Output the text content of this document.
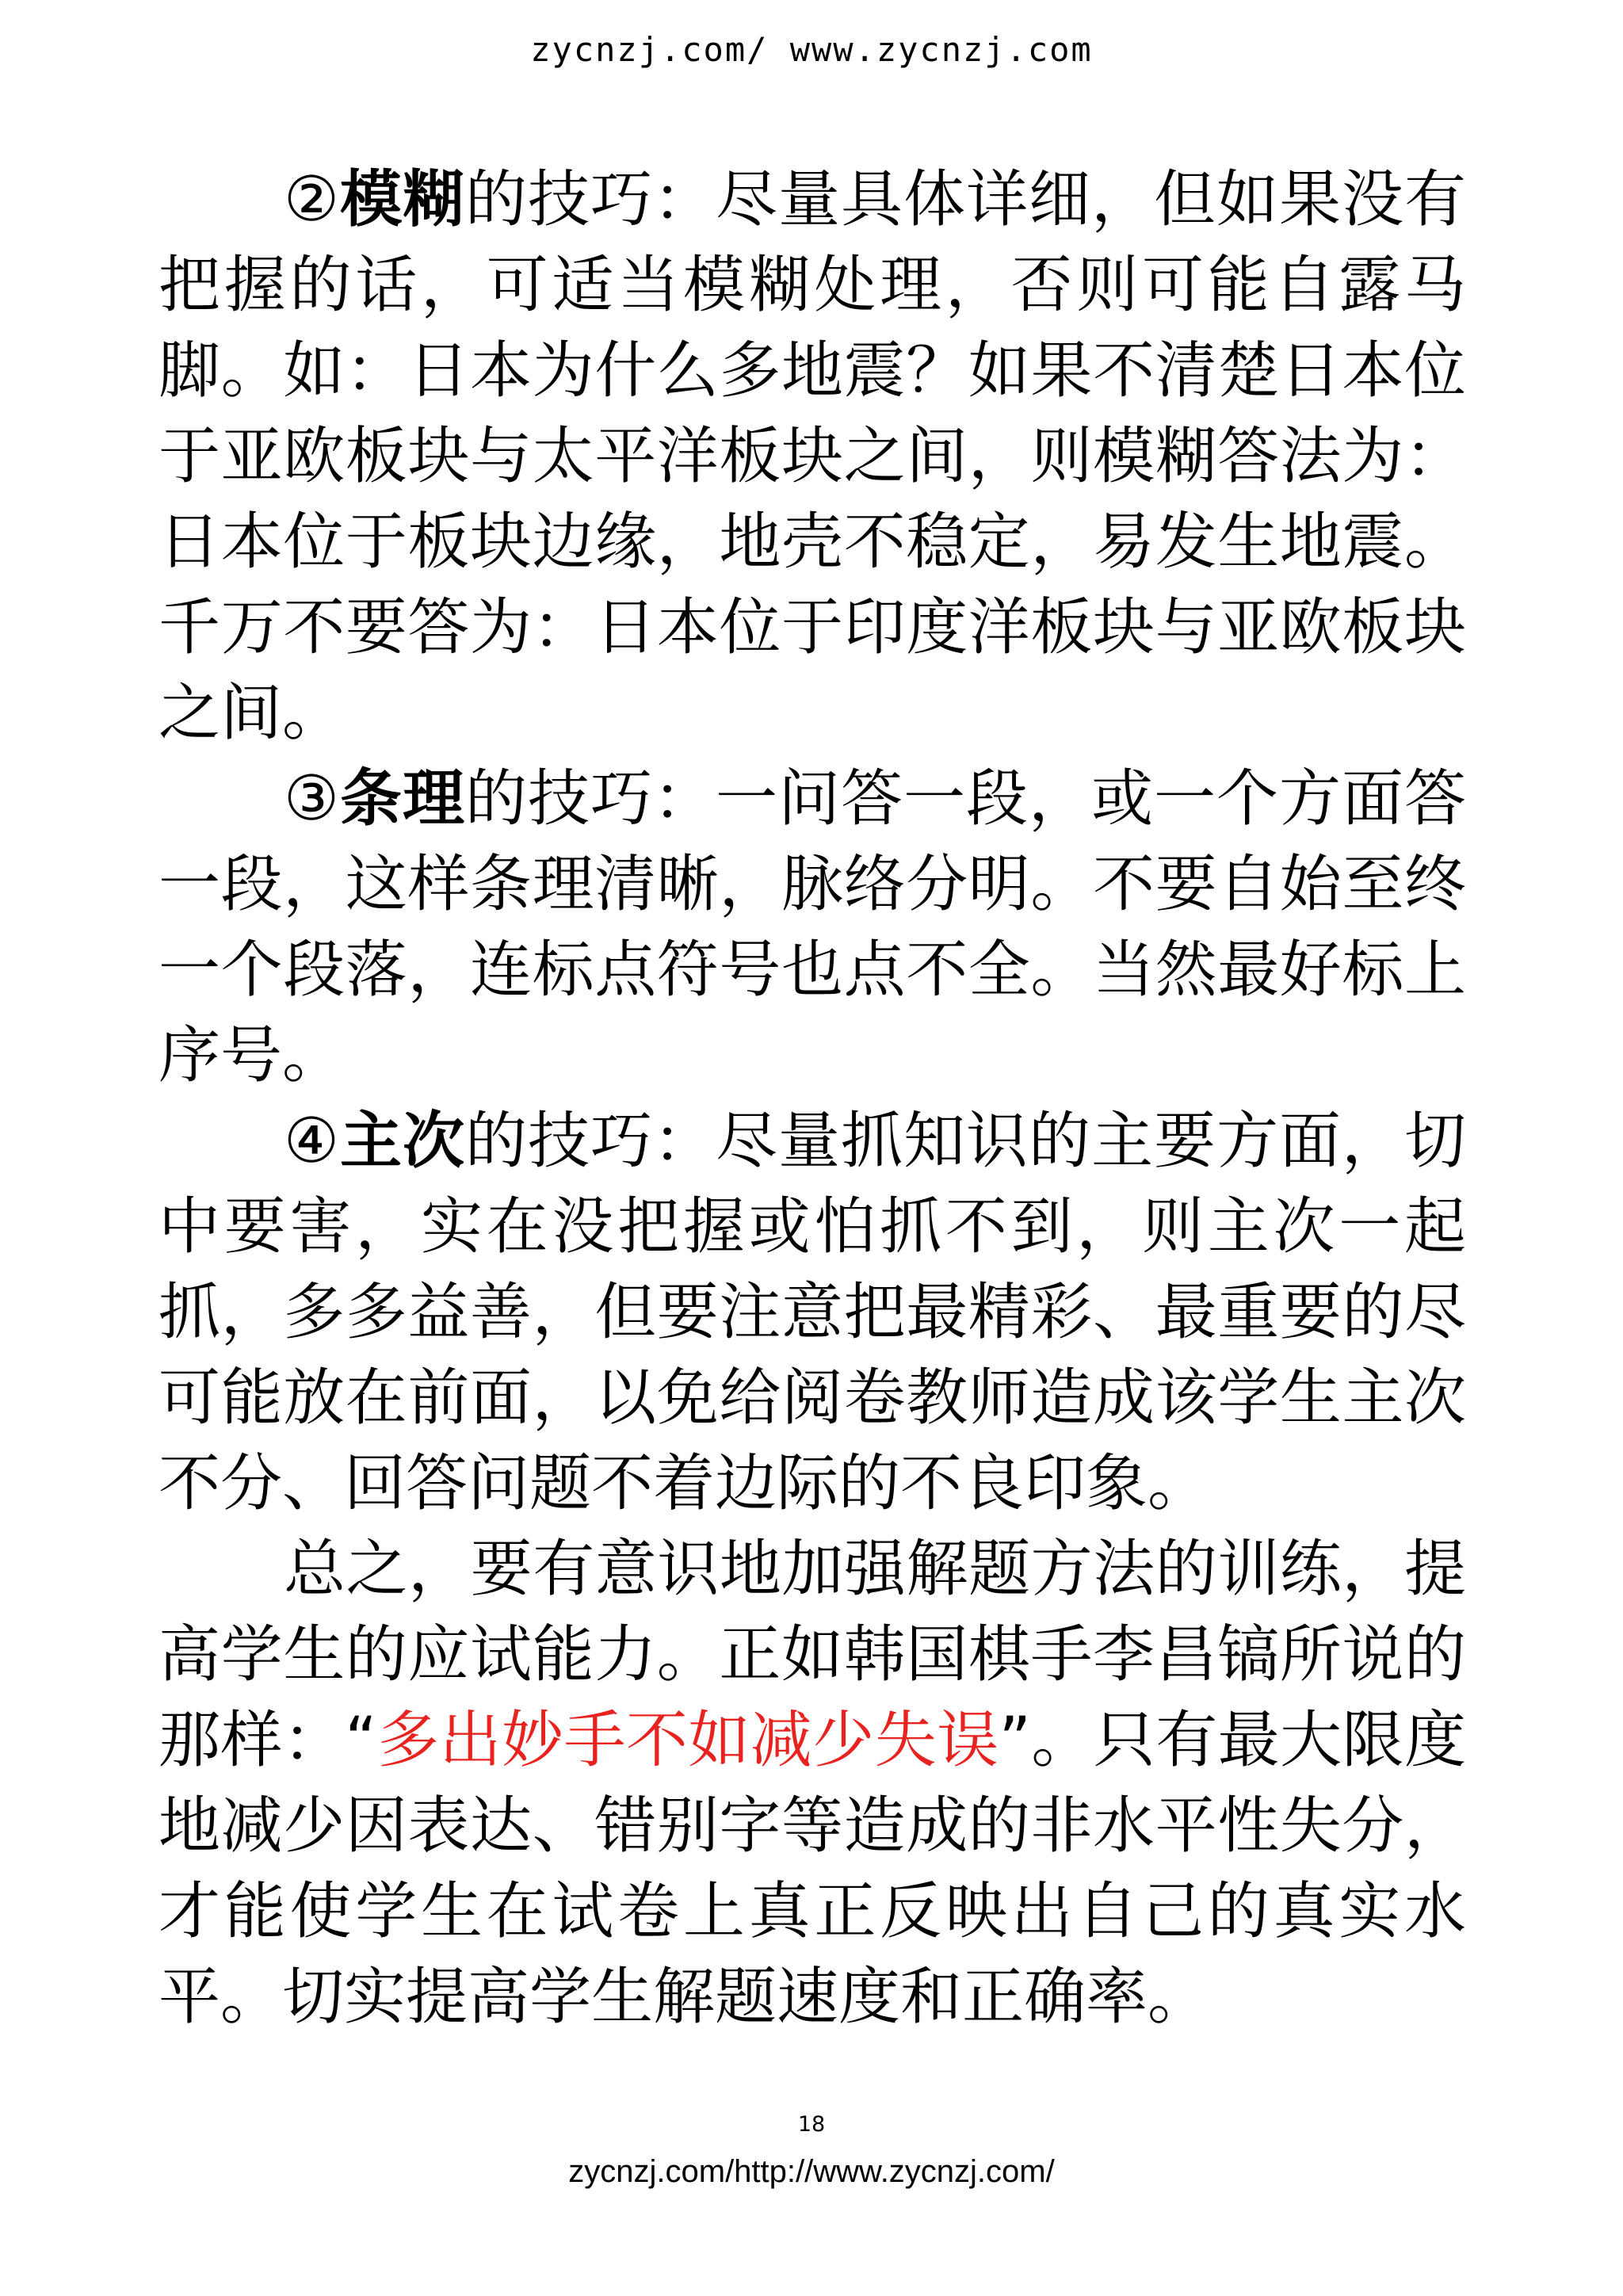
zycnzj.com/ www.zycnzj.com

②模糊的技巧：尽量具体详细，但如果没有把握的话，可适当模糊处理，否则可能自露马脚。如：日本为什么多地震？如果不清楚日本位于亚欧板块与太平洋板块之间，则模糊答法为：日本位于板块边缘，地壳不稳定，易发生地震。千万不要答为：日本位于印度洋板块与亚欧板块之间。

③条理的技巧：一问答一段，或一个方面答一段，这样条理清晰，脉络分明。不要自始至终一个段落，连标点符号也点不全。当然最好标上序号。

④主次的技巧：尽量抓知识的主要方面，切中要害，实在没把握或怕抓不到，则主次一起抓，多多益善，但要注意把最精彩、最重要的尽可能放在前面，以免给阅卷教师造成该学生主次不分、回答问题不着边际的不良印象。

总之，要有意识地加强解题方法的训练，提高学生的应试能力。正如韩国棋手李昌镐所说的那样：“多出妙手不如减少失误”。只有最大限度地减少因表达、错别字等造成的非水平性失分，才能使学生在试卷上真正反映出自己的真实水平。切实提高学生解题速度和正确率。

18
zycnzj.com/http://www.zycnzj.com/
